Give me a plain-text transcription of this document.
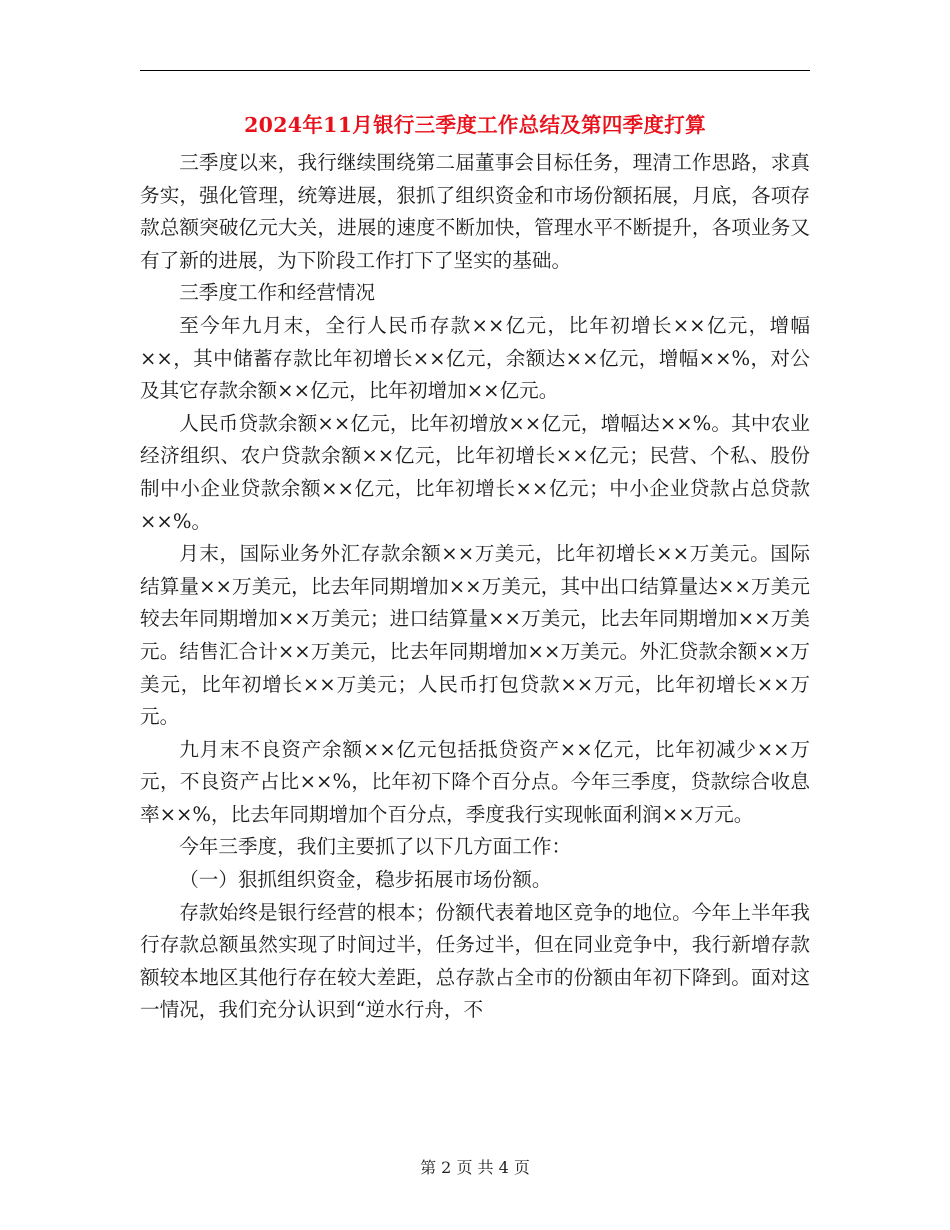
2024年11月银行三季度工作总结及第四季度打算

三季度以来，我行继续围绕第二届董事会目标任务，理清工作思路，求真务实，强化管理，统筹进展，狠抓了组织资金和市场份额拓展，月底，各项存款总额突破亿元大关，进展的速度不断加快，管理水平不断提升，各项业务又有了新的进展，为下阶段工作打下了坚实的基础。

三季度工作和经营情况

至今年九月末，全行人民币存款××亿元，比年初增长××亿元，增幅××，其中储蓄存款比年初增长××亿元，余额达××亿元，增幅××%，对公及其它存款余额××亿元，比年初增加××亿元。

人民币贷款余额××亿元，比年初增放××亿元，增幅达××%。其中农业经济组织、农户贷款余额××亿元，比年初增长××亿元；民营、个私、股份制中小企业贷款余额××亿元，比年初增长××亿元；中小企业贷款占总贷款××%。

月末，国际业务外汇存款余额××万美元，比年初增长××万美元。国际结算量××万美元，比去年同期增加××万美元，其中出口结算量达××万美元较去年同期增加××万美元；进口结算量××万美元，比去年同期增加××万美元。结售汇合计××万美元，比去年同期增加××万美元。外汇贷款余额××万美元，比年初增长××万美元；人民币打包贷款××万元，比年初增长××万元。

九月末不良资产余额××亿元包括抵贷资产××亿元，比年初减少××万元，不良资产占比××%，比年初下降个百分点。今年三季度，贷款综合收息率××%，比去年同期增加个百分点，季度我行实现帐面利润××万元。

今年三季度，我们主要抓了以下几方面工作：

（一）狠抓组织资金，稳步拓展市场份额。

存款始终是银行经营的根本；份额代表着地区竞争的地位。今年上半年我行存款总额虽然实现了时间过半，任务过半，但在同业竞争中，我行新增存款额较本地区其他行存在较大差距，总存款占全市的份额由年初下降到。面对这一情况，我们充分认识到“逆水行舟，不

第 2 页 共 4 页
